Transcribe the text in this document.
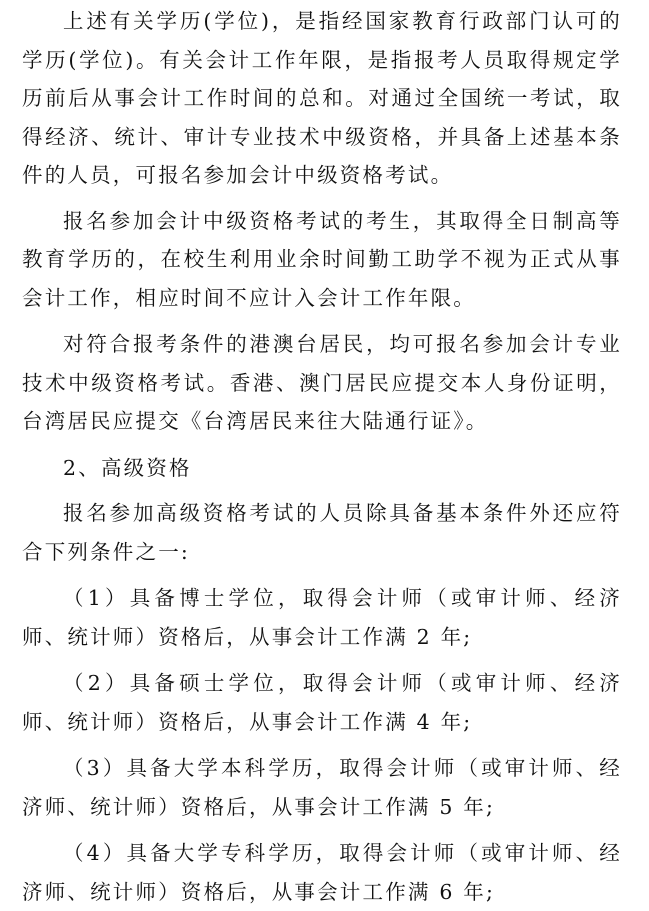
上述有关学历(学位)，是指经国家教育行政部门认可的学历(学位)。有关会计工作年限，是指报考人员取得规定学历前后从事会计工作时间的总和。对通过全国统一考试，取得经济、统计、审计专业技术中级资格，并具备上述基本条件的人员，可报名参加会计中级资格考试。

报名参加会计中级资格考试的考生，其取得全日制高等教育学历的，在校生利用业余时间勤工助学不视为正式从事会计工作，相应时间不应计入会计工作年限。

对符合报考条件的港澳台居民，均可报名参加会计专业技术中级资格考试。香港、澳门居民应提交本人身份证明，台湾居民应提交《台湾居民来往大陆通行证》。

2、高级资格

报名参加高级资格考试的人员除具备基本条件外还应符合下列条件之一:

（1）具备博士学位，取得会计师（或审计师、经济师、统计师）资格后，从事会计工作满 2 年;

（2）具备硕士学位，取得会计师（或审计师、经济师、统计师）资格后，从事会计工作满 4 年;

（3）具备大学本科学历，取得会计师（或审计师、经济师、统计师）资格后，从事会计工作满 5 年;

（4）具备大学专科学历，取得会计师（或审计师、经济师、统计师）资格后，从事会计工作满 6 年;
